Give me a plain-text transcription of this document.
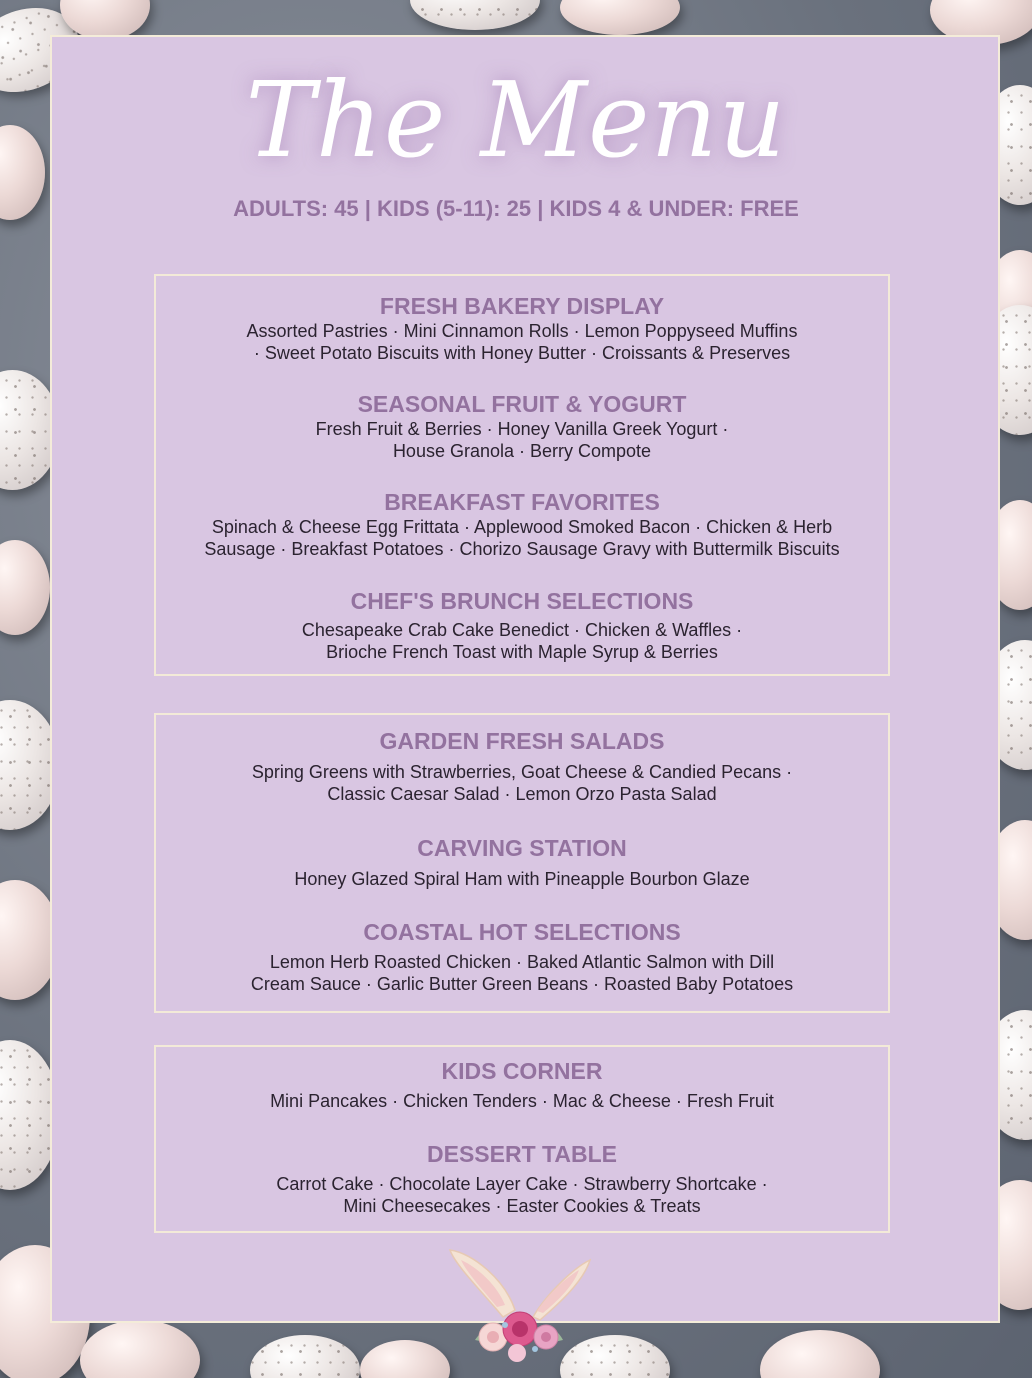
The Menu
ADULTS: 45 | KIDS (5-11): 25 | KIDS 4 & UNDER: FREE
FRESH BAKERY DISPLAY

Assorted Pastries · Mini Cinnamon Rolls · Lemon Poppyseed Muffins

· Sweet Potato Biscuits with Honey Butter · Croissants & Preserves

SEASONAL FRUIT & YOGURT

Fresh Fruit & Berries · Honey Vanilla Greek Yogurt ·

House Granola · Berry Compote

BREAKFAST FAVORITES

Spinach & Cheese Egg Frittata · Applewood Smoked Bacon · Chicken & Herb

Sausage · Breakfast Potatoes · Chorizo Sausage Gravy with Buttermilk Biscuits

CHEF'S BRUNCH SELECTIONS

Chesapeake Crab Cake Benedict · Chicken & Waffles ·

Brioche French Toast with Maple Syrup & Berries

GARDEN FRESH SALADS

Spring Greens with Strawberries, Goat Cheese & Candied Pecans ·

Classic Caesar Salad · Lemon Orzo Pasta Salad

CARVING STATION

Honey Glazed Spiral Ham with Pineapple Bourbon Glaze

COASTAL HOT SELECTIONS

Lemon Herb Roasted Chicken · Baked Atlantic Salmon with Dill

Cream Sauce · Garlic Butter Green Beans · Roasted Baby Potatoes

KIDS CORNER

Mini Pancakes · Chicken Tenders · Mac & Cheese · Fresh Fruit

DESSERT TABLE

Carrot Cake · Chocolate Layer Cake · Strawberry Shortcake ·

Mini Cheesecakes · Easter Cookies & Treats
